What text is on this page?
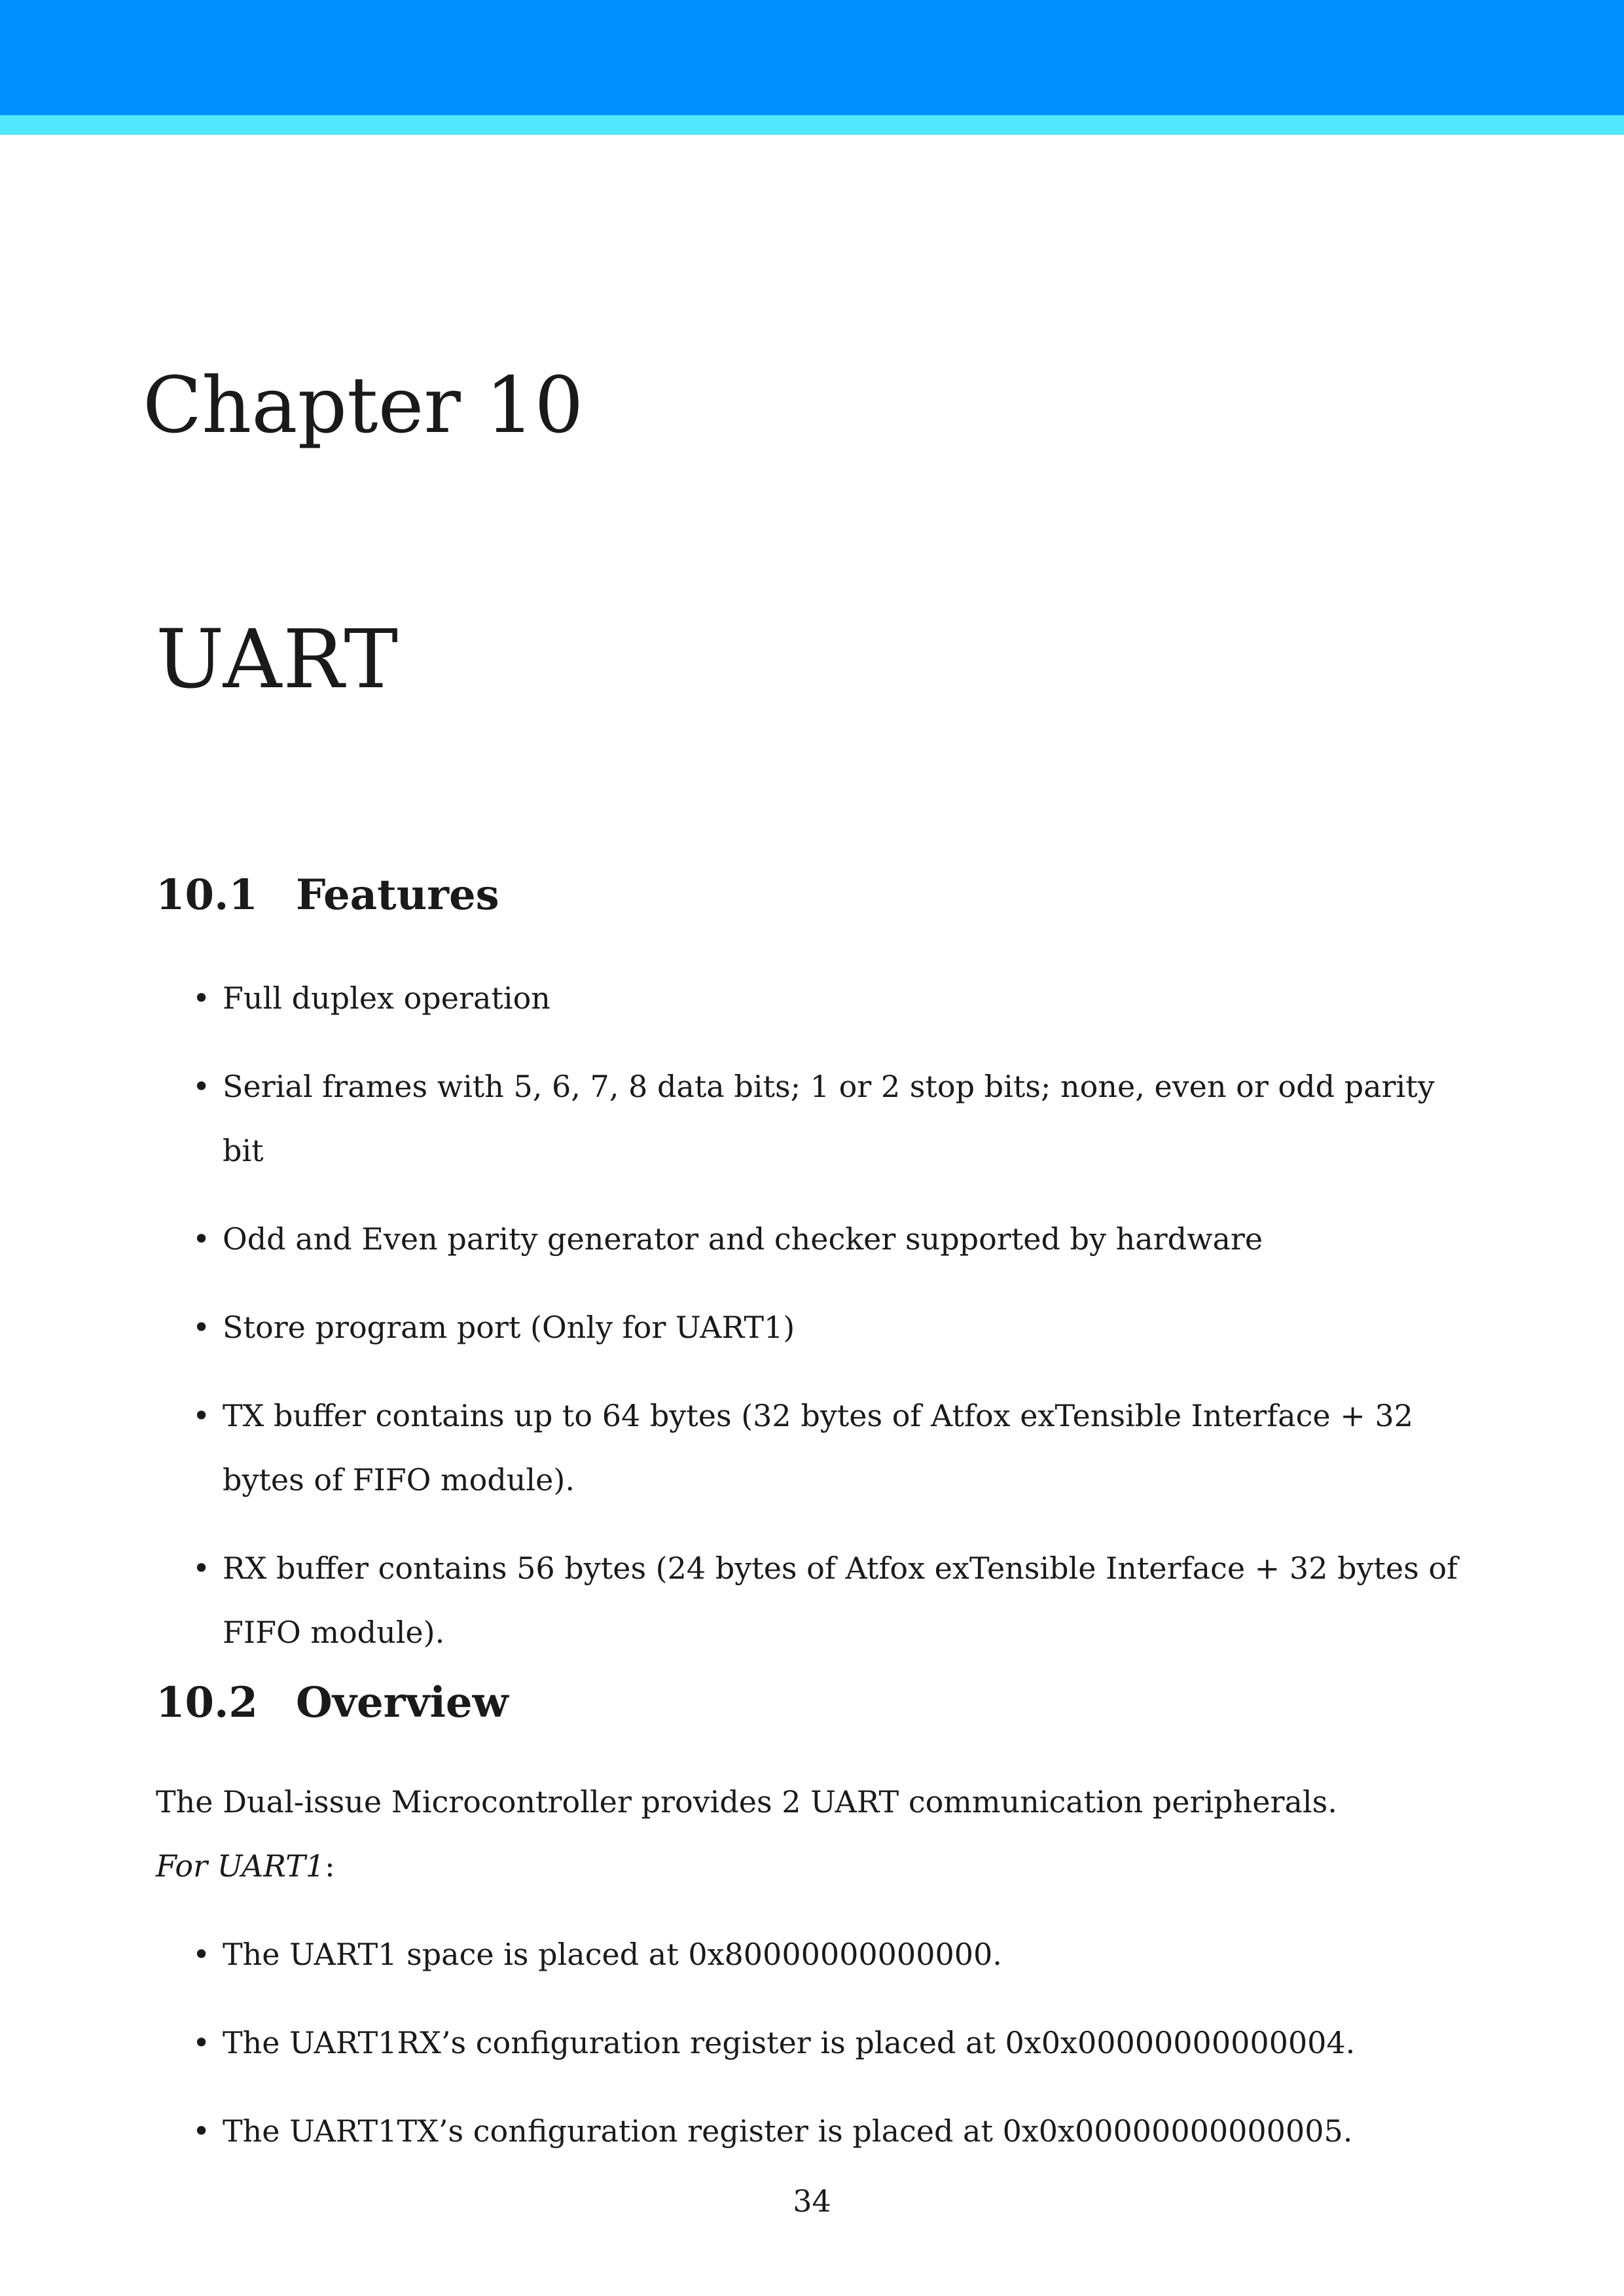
Chapter 10
UART
10.1 Features
• Full duplex operation
• Serial frames with 5, 6, 7, 8 data bits; 1 or 2 stop bits; none, even or odd parity bit
• Odd and Even parity generator and checker supported by hardware
• Store program port (Only for UART1)
• TX buffer contains up to 64 bytes (32 bytes of Atfox exTensible Interface + 32 bytes of FIFO module).
• RX buffer contains 56 bytes (24 bytes of Atfox exTensible Interface + 32 bytes of FIFO module).
10.2 Overview
The Dual-issue Microcontroller provides 2 UART communication peripherals.
For UART1:
• The UART1 space is placed at 0x80000000000000.
• The UART1RX’s configuration register is placed at 0x0x00000000000004.
• The UART1TX’s configuration register is placed at 0x0x00000000000005.
34
